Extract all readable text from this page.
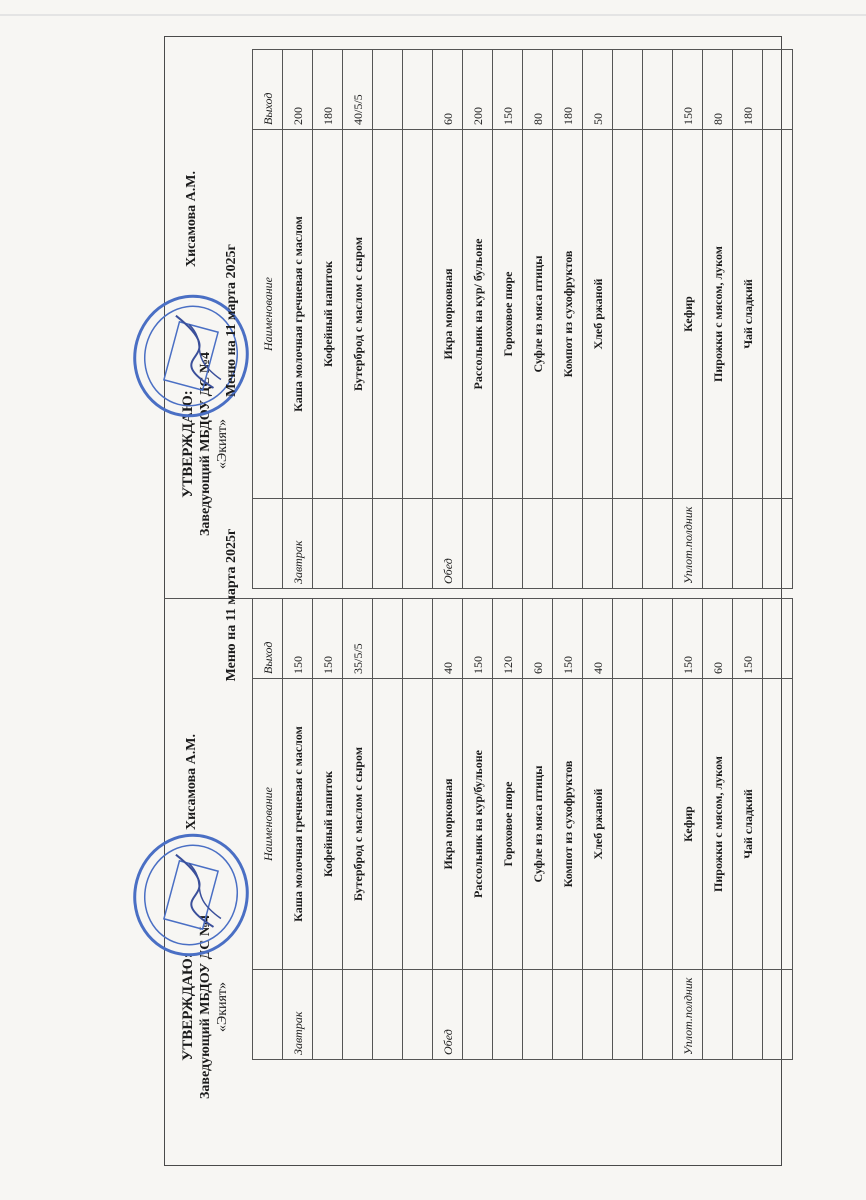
УТВЕРЖДАЮ: Заведующий МБДОУ ДС №4 «Экият»
Хисамова А.М.
Меню на 11 марта 2025г
	Наименование	Выход
Завтрак	Каша молочная гречневая с маслом	150
	Кофейный напиток	150
	Бутерброд с маслом с сыром	35/5/5

Обед	Икра морковная	40
	Рассольник на кур/бульоне	150
	Гороховое пюре	120
	Суфле из мяса птицы	60
	Компот из сухофруктов	150
	Хлеб ржаной	40

Уплот.полдник	Кефир	150
	Пирожки с мясом, луком	60
	Чай сладкий	150

УТВЕРЖДАЮ: Заведующий МБДОУ ДС №4 «Экият»
Хисамова А.М.
Меню на 11 марта 2025г
	Наименование	Выход
Завтрак	Каша молочная гречневая с маслом	200
	Кофейный напиток	180
	Бутерброд с маслом с сыром	40/5/5

Обед	Икра морковная	60
	Рассольник на кур/ бульоне	200
	Гороховое пюре	150
	Суфле из мяса птицы	80
	Компот из сухофруктов	180
	Хлеб ржаной	50

Уплот.полдник	Кефир	150
	Пирожки с мясом, луком	80
	Чай сладкий	180
